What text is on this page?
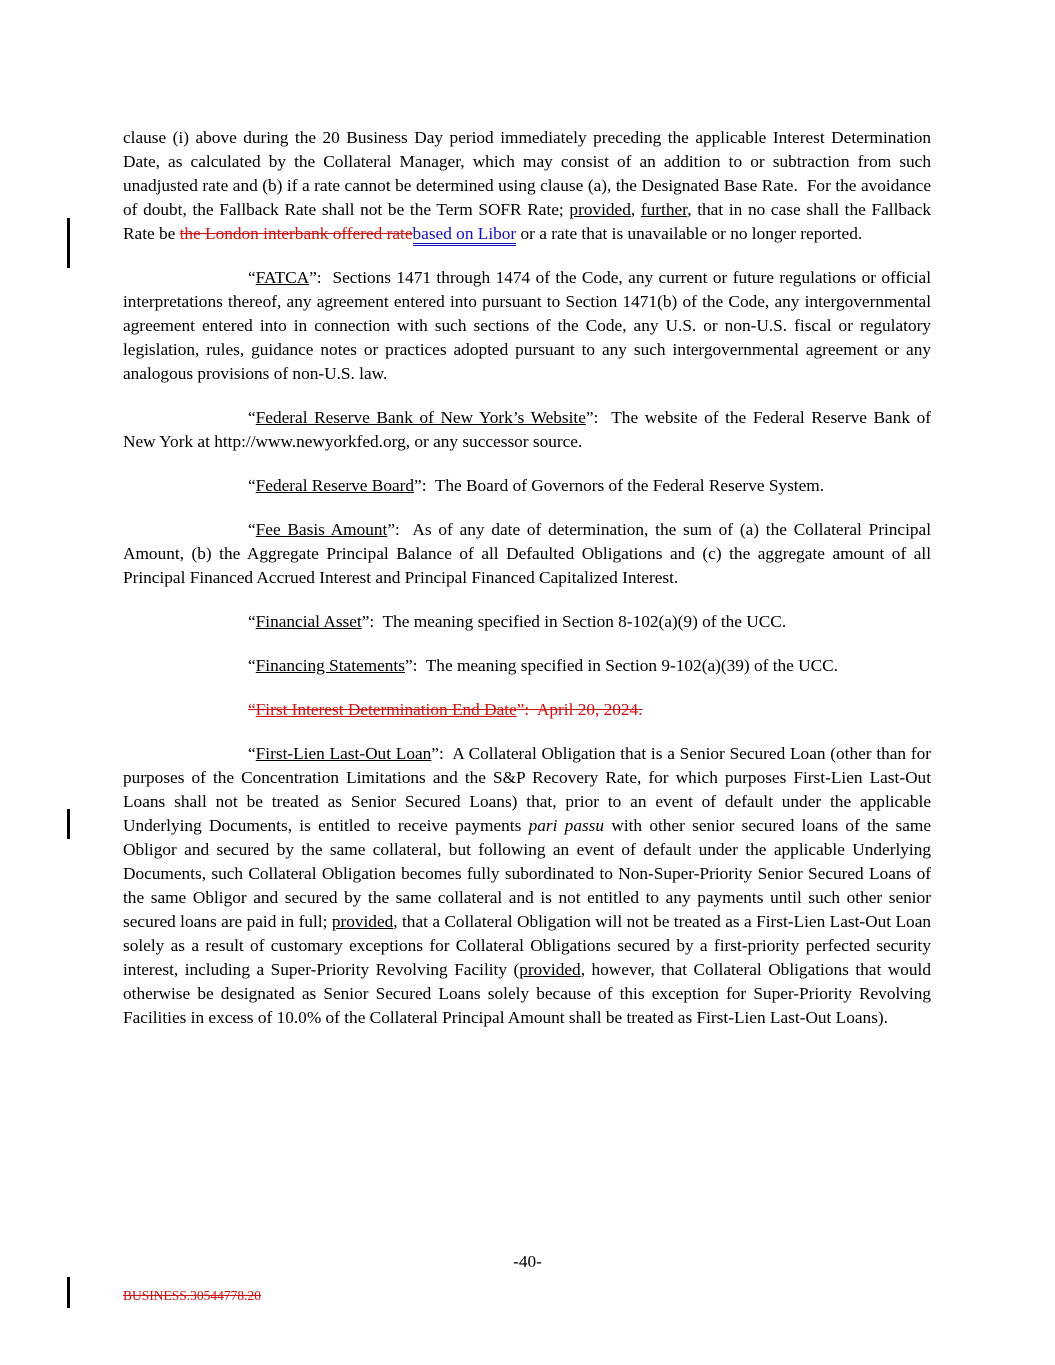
clause (i) above during the 20 Business Day period immediately preceding the applicable Interest Determination Date, as calculated by the Collateral Manager, which may consist of an addition to or subtraction from such unadjusted rate and (b) if a rate cannot be determined using clause (a), the Designated Base Rate.  For the avoidance of doubt, the Fallback Rate shall not be the Term SOFR Rate; provided, further, that in no case shall the Fallback Rate be the London interbank offered ratebased on Libor or a rate that is unavailable or no longer reported.

“FATCA”:  Sections 1471 through 1474 of the Code, any current or future regulations or official interpretations thereof, any agreement entered into pursuant to Section 1471(b) of the Code, any intergovernmental agreement entered into in connection with such sections of the Code, any U.S. or non-U.S. fiscal or regulatory legislation, rules, guidance notes or practices adopted pursuant to any such intergovernmental agreement or any analogous provisions of non-U.S. law.

“Federal Reserve Bank of New York’s Website”:  The website of the Federal Reserve Bank of New York at http://www.newyorkfed.org, or any successor source.

“Federal Reserve Board”:  The Board of Governors of the Federal Reserve System.

“Fee Basis Amount”:  As of any date of determination, the sum of (a) the Collateral Principal Amount, (b) the Aggregate Principal Balance of all Defaulted Obligations and (c) the aggregate amount of all Principal Financed Accrued Interest and Principal Financed Capitalized Interest.

“Financial Asset”:  The meaning specified in Section 8-102(a)(9) of the UCC.

“Financing Statements”:  The meaning specified in Section 9-102(a)(39) of the UCC.

“First Interest Determination End Date”:  April 20, 2024.

“First-Lien Last-Out Loan”:  A Collateral Obligation that is a Senior Secured Loan (other than for purposes of the Concentration Limitations and the S&P Recovery Rate, for which purposes First-Lien Last-Out Loans shall not be treated as Senior Secured Loans) that, prior to an event of default under the applicable Underlying Documents, is entitled to receive payments pari passu with other senior secured loans of the same Obligor and secured by the same collateral, but following an event of default under the applicable Underlying Documents, such Collateral Obligation becomes fully subordinated to Non-Super-Priority Senior Secured Loans of the same Obligor and secured by the same collateral and is not entitled to any payments until such other senior secured loans are paid in full; provided, that a Collateral Obligation will not be treated as a First-Lien Last-Out Loan solely as a result of customary exceptions for Collateral Obligations secured by a first-priority perfected security interest, including a Super-Priority Revolving Facility (provided, however, that Collateral Obligations that would otherwise be designated as Senior Secured Loans solely because of this exception for Super-Priority Revolving Facilities in excess of 10.0% of the Collateral Principal Amount shall be treated as First-Lien Last-Out Loans).

-40-
BUSINESS.30544778.20
